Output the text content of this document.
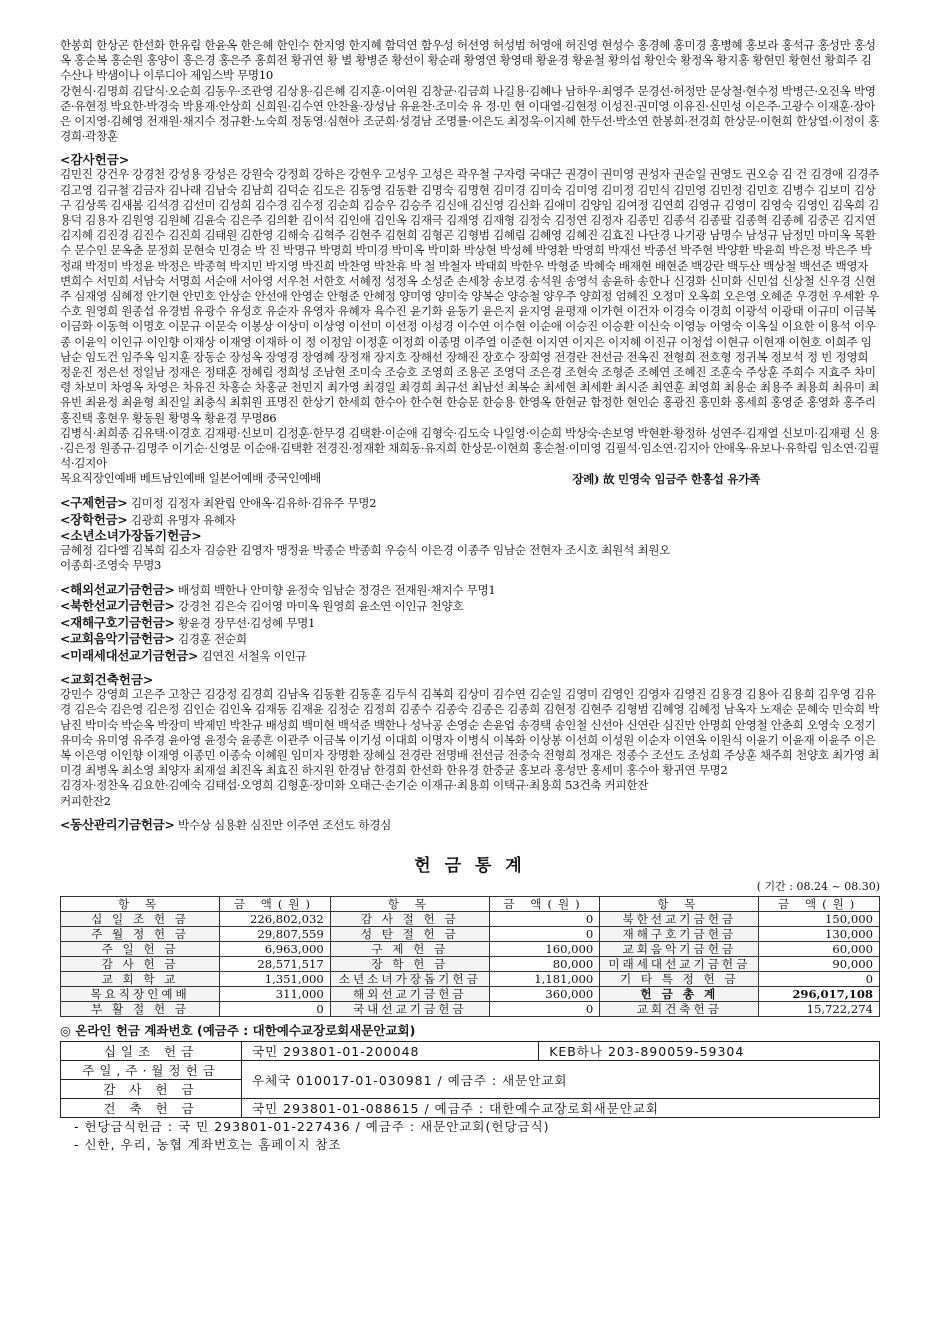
한봉희 한상곤 한선화 한유림 한윤옥 한은혜 한인수 한지영 한지혜 함덕연 함우성 허선영 허성범 허영애 허진영 현성수 홍경혜 홍미경 홍병혜 홍보라 홍석규 홍성만 홍성옥 홍순복 홍순원 홍양이 홍은경 홍은주 홍희전 황귀연 황 별 황병준 황선이 황순래 황영연 황영태 황윤경 황윤철 황의섭 황인숙 황정옥 황지홍 황현민 황현선 황희주 김수산나 박샘이나 이루디아 제임스박 무명10
강현식·김명희 김달식·오순희 김동우·조관영 김상용·김은혜 김지훈·이여원 김창균·김금희 나길용·김혜나 남하우·최영주 문경선·허정만 문상철·현수정 박병근·오진옥 박영준·유현정 박요한·박경숙 박용재·안상희 신희원·김수연 안찬율·장성남 유윤찬·조미숙 유 정·민 현 이대열·김현정 이성진·권미영 이유진·신민성 이은주·고광수 이재훈·장아은 이지영·김혜영 전재원·채지수 정규환·노숙희 정동영·심현아 조군희·성경남 조명률·이은도 최정욱·이지혜 한두선·박소연 한봉희·전경희 한상문·이현희 한상열·이정이 홍경희·곽창훈

<감사헌금>

김민진 강건우 강경천 강성용 강성은 강원숙 강정희 강하은 강현우 고성우 고성은 곽우철 구자령 국대근 권경이 권미영 권성자 권순일 권영도 권오승 김 건 김경애 김경주 김고영 김규철 김금자 김나래 김남숙 김남희 김덕순 김도은 김동영 김동환 김명숙 김명현 김미경 김미숙 김미영 김미정 김민식 김민영 김민정 김민호 김병수 김보미 김상구 김상록 김새봄 김석경 김선미 김성희 김수경 김수정 김순희 김승우 김승주 김신애 김신영 김신화 김애미 김양임 김여정 김연희 김영규 김영미 김영숙 김영인 김옥희 김용덕 김용자 김원영 김원혜 김윤숙 김은주 김의환 김이석 김인애 김인옥 김재극 김재영 김재형 김정숙 김정연 김정자 김종민 김종석 김종팔 김종혁 김종혜 김중곤 김지연 김지혜 김진경 김진수 김진희 김태원 김한영 김해숙 김혁주 김현주 김현희 김형곤 김형범 김혜림 김혜영 김혜진 김효진 나단경 나기광 남명수 남성규 남정민 마미옥 목환수 문수인 문옥춘 문정희 문현숙 민경순 박 진 박명규 박명희 박미경 박미옥 박미화 박상현 박성혜 박영환 박영희 박재선 박종선 박주현 박양환 박윤희 박은정 박은주 박정래 박정미 박정윤 박정은 박종혁 박지민 박지영 박진희 박찬영 박찬휴 박 철 박철자 박태희 박한우 박형준 박혜숙 배재현 배현준 백강란 백두산 백상철 백선준 백영자 변희수 서민희 서남숙 서명희 서순애 서아영 서우천 서한호 서혜정 성정옥 소성준 손세창 송보경 송석원 송영석 송윤하 송한나 신경화 신미화 신민섭 신상철 신우경 신현주 심재영 심혜정 안기현 안민호 안상순 안선애 안영순 안형준 안혜정 양미영 양미숙 양복순 양승철 양우주 양희정 엄혜진 오정미 오옥희 오은영 오혜준 우경헌 우세환 우수호 원영희 원종섭 유경범 유광수 유성호 유순자 유영자 유혜자 육수진 윤기화 윤동기 윤은지 윤지영 윤평재 이가현 이건자 이경숙 이경희 이광석 이광태 이규미 이금복 이금화 이동혁 이명호 이문규 이문숙 이봉상 이상미 이상영 이선미 이선정 이성경 이수연 이수현 이순애 이승진 이승환 이신숙 이영능 이영숙 이옥실 이요한 이용석 이우종 이윤익 이인규 이인향 이재상 이재영 이재하 이 정 이정임 이정훈 이정희 이종명 이주열 이준현 이지연 이지은 이지혜 이진규 이청섭 이현규 이현재 이현호 이희주 임남순 임도건 임주옥 임지훈 장동순 장성옥 장영경 장영혜 장정재 장지호 장해선 장해진 장호수 장희영 전경란 전선금 전옥진 전형희 전호형 정귀복 정보석 정 빈 정영희 정운진 정은선 정일남 정재은 정태훈 정혜림 정희성 조남현 조미숙 조승호 조영희 조용곤 조영덕 조은경 조현숙 조형준 조혜연 조혜진 조훈숙 주상훈 주희수 지효주 차미령 차보미 차영옥 차영은 차유진 차홍순 차홍균 천민지 최가영 최경일 최경희 최규선 최남선 최복순 최세현 최세환 최시준 최연훈 최영희 최용순 최용주 최용희 최유미 최유빈 최윤정 최윤형 최진일 최충식 최휘원 표명진 한상기 한세희 한수아 한수현 한승문 한승용 한영옥 한현균 함정한 현인순 홍광진 홍민화 홍세희 홍영준 홍영화 홍주리 홍진택 홍현우 황동원 황명옥 황윤경 무명86
김병식·최희종 김유택·이경호 김재평·신보미 김정훈·한무경 김택환·이순애 김형숙·김도숙 나일영·이순희 박상숙·손보영 박현환·황정하 성연주·김재열 신보미·김재평 신 용·김은정 원종규·김명주 이기순·신영문 이순애·김택환 전경진·정재환 채희동·유지희 한상문·이현희 홍순철·이미영 김필석·임소연·김지아 안애옥·유보나·유학림 임소연·김필석·김지아
목요직장인예배 베트남인예배 일본어예배 중국인예배	장례) 故 민영숙 임금주 한홍섭 유가족
<구제헌금> 김미정 김정자 최완립 안애옥·김유하·김유주 무명2
<장학헌금> 김광희 유명자 유혜자
<소년소녀가장돕기헌금>

금혜정 김다엘 김복희 김소자 김승완 김영자 맹정윤 박종순 박종희 우승식 이은경 이종주 임남순 전현자 조시호 최원석 최원오
이종희·조영숙 무명3

<해외선교기금헌금> 배성희 백한나 안미향 윤정숙 임남순 정경은 전재원·채지수 무명1
<북한선교기금헌금> 강경천 김은숙 김이영 마미옥 원영희 윤소연 이인규 천양호
<재해구호기금헌금> 황윤경 장무선·김성혜 무명1
<교회음악기금헌금> 김경훈 전순희
<미래세대선교기금헌금> 김연진 서철욱 이인규
<교회건축헌금>

강민수 강영희 고은주 고창근 김강정 김경희 김남옥 김동환 김동훈 김두식 김복희 김상미 김수연 김순일 김영미 김영인 김영자 김영진 김용경 김용아 김용희 김우영 김유경 김은숙 김은영 김은정 김인순 김인옥 김재동 김재윤 김정순 김정희 김종수 김종숙 김종은 김종희 김현정 김현주 김형범 김혜영 김혜정 남옥자 노재순 문혜숙 민숙희 박남진 박미숙 박순옥 박장미 박제민 박찬규 배성희 백미현 백석준 백한나 성낙공 손영순 손윤업 송경택 송인철 신선아 신연란 심진만 안명희 안영철 안춘희 오영숙 오정기 유미숙 유미영 유주경 윤아영 윤정숙 윤종흔 이관주 이금복 이기성 이대희 이명자 이병식 이복화 이상봉 이선희 이성원 이순자 이연옥 이원식 이윤기 이윤재 이윤주 이은복 이은영 이인향 이재영 이종민 이종숙 이혜원 임미자 장명환 장혜실 전경란 전명배 전선금 전중숙 전형희 정재은 정종수 조선도 조성희 주상훈 채주희 천양호 최가영 최미경 최병옥 최소영 최양자 최재설 최진옥 최효진 하지원 한경남 한경희 한선화 한유경 한중균 홍보라 홍성만 홍세미 홍수아 황귀연 무명2
김경자·정찬옥 김요한·김예숙 김태섭·오영희 김형훈·장미화 오태근·손기순 이재규·최용희 이택규·최용희 53건축 커피한잔
커피한잔2

<동산관리기금헌금> 박수상 심용환 심진만 이주연 조선도 하경심
헌 금 통 계
( 기간 : 08.24 ~ 08.30)
항 목	금 액(원)	항 목	금 액(원)	항 목	금 액(원)
십 일 조 헌 금	226,802,032	감 사 절 헌 금	0	북한선교기금헌금	150,000
주 월 정 헌 금	29,807,559	성 탄 절 헌 금	0	재해구호기금헌금	130,000
주 일 헌 금	6,963,000	구 제 헌 금	160,000	교회음악기금헌금	60,000
감 사 헌 금	28,571,517	장 학 헌 금	80,000	미래세대선교기금헌금	90,000
교 회 학 교	1,351,000	소년소녀가장돕기헌금	1,181,000	기 타 특 정 헌 금	0
목요직장인예배	311,000	해외선교기금헌금	360,000	헌 금 총 계	296,017,108
부 활 절 헌 금	0	국내선교기금헌금	0	교회건축헌금	15,722,274
◎ 온라인 헌금 계좌번호 (예금주 : 대한예수교장로회새문안교회)
십일조 헌금	국민 293801-01-200048	KEB하나 203-890059-59304
주일,주·월정헌금	우체국 010017-01-030981 / 예금주 : 새문안교회	
감 사 헌 금		
건 축 헌 금	국민 293801-01-088615 / 예금주 : 대한예수교장로회새문안교회	
- 헌당금식헌금 : 국 민 293801-01-227436 / 예금주 : 새문안교회(헌당금식)
- 신한, 우리, 농협 계좌번호는 홈페이지 참조
